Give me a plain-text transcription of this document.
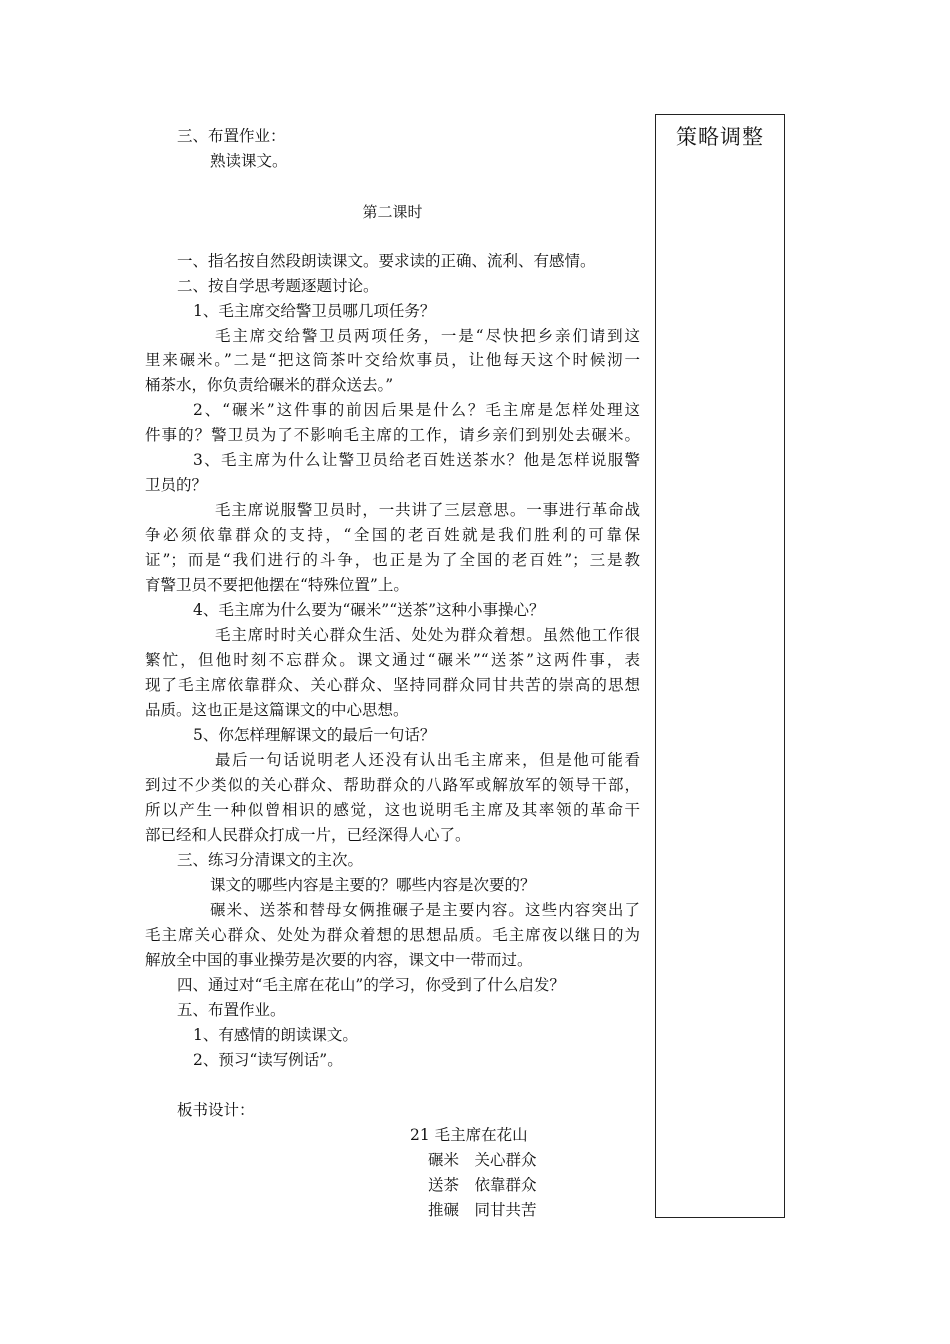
策略调整
三、布置作业：
熟读课文。
第二课时
一、指名按自然段朗读课文。要求读的正确、流利、有感情。
二、按自学思考题逐题讨论。
1、毛主席交给警卫员哪几项任务？
毛主席交给警卫员两项任务，一是“尽快把乡亲们请到这
里来碾米。”二是“把这筒茶叶交给炊事员，让他每天这个时候沏一
桶茶水，你负责给碾米的群众送去。”
2、“碾米”这件事的前因后果是什么？毛主席是怎样处理这
件事的？警卫员为了不影响毛主席的工作，请乡亲们到别处去碾米。
3、毛主席为什么让警卫员给老百姓送茶水？他是怎样说服警
卫员的？
毛主席说服警卫员时，一共讲了三层意思。一事进行革命战
争必须依靠群众的支持，“全国的老百姓就是我们胜利的可靠保
证”；而是“我们进行的斗争，也正是为了全国的老百姓”；三是教
育警卫员不要把他摆在“特殊位置”上。
4、毛主席为什么要为“碾米”“送茶”这种小事操心？
毛主席时时关心群众生活、处处为群众着想。虽然他工作很
繁忙，但他时刻不忘群众。课文通过“碾米”“送茶”这两件事，表
现了毛主席依靠群众、关心群众、坚持同群众同甘共苦的崇高的思想
品质。这也正是这篇课文的中心思想。
5、你怎样理解课文的最后一句话？
最后一句话说明老人还没有认出毛主席来，但是他可能看
到过不少类似的关心群众、帮助群众的八路军或解放军的领导干部，
所以产生一种似曾相识的感觉，这也说明毛主席及其率领的革命干
部已经和人民群众打成一片，已经深得人心了。
三、练习分清课文的主次。
课文的哪些内容是主要的？哪些内容是次要的？
碾米、送茶和替母女俩推碾子是主要内容。这些内容突出了
毛主席关心群众、处处为群众着想的思想品质。毛主席夜以继日的为
解放全中国的事业操劳是次要的内容，课文中一带而过。
四、通过对“毛主席在花山”的学习，你受到了什么启发？
五、布置作业。
1、有感情的朗读课文。
2、预习“读写例话”。
板书设计：
21 毛主席在花山
碾米　关心群众
送茶　依靠群众
推碾　同甘共苦
